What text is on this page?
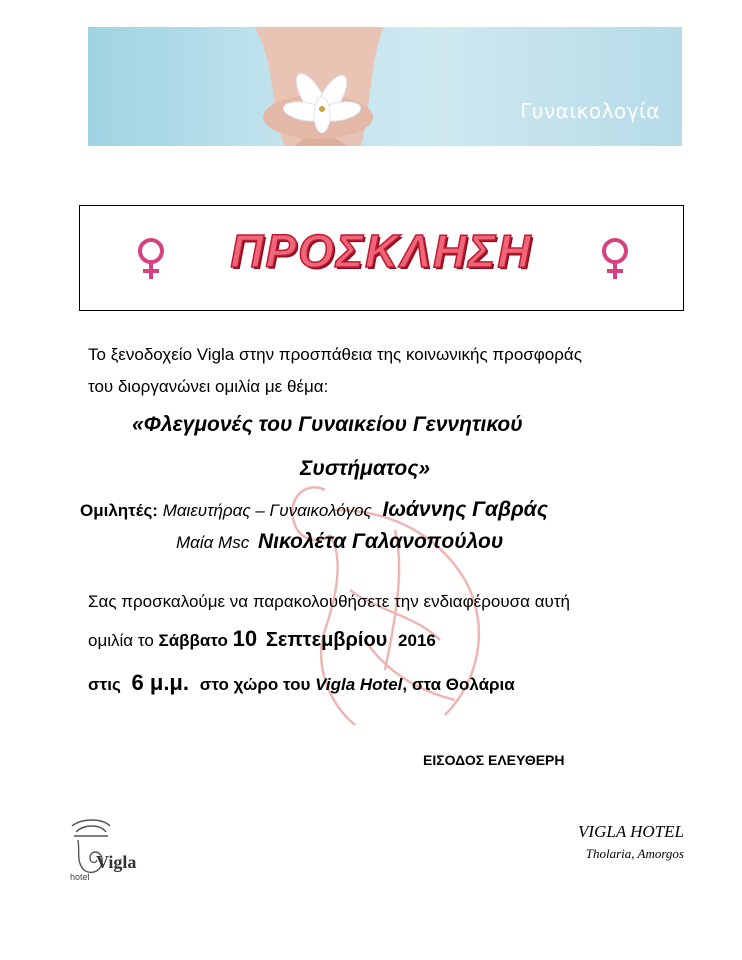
Γυναικολογία
ΠΡΟΣΚΛΗΣΗ
Το ξενοδοχείο Vigla στην προσπάθεια της κοινωνικής προσφοράς
του διοργανώνει ομιλία με θέμα:
«Φλεγμονές του Γυναικείου Γεννητικού
Συστήματος»
Ομιλητές: Μαιευτήρας – Γυναικολόγος Ιωάννης Γαβράς
Μαία Msc Νικολέτα Γαλανοπούλου
Σας προσκαλούμε να παρακολουθήσετε την ενδιαφέρουσα αυτή
ομιλία το Σάββατο 10 Σεπτεμβρίου 2016
στις 6 μ.μ. στο χώρο του Vigla Hotel, στα Θολάρια
ΕΙΣΟΔΟΣ ΕΛΕΥΘΕΡΗ
VIGLA HOTEL
Tholaria, Amorgos
hotel
Vigla
